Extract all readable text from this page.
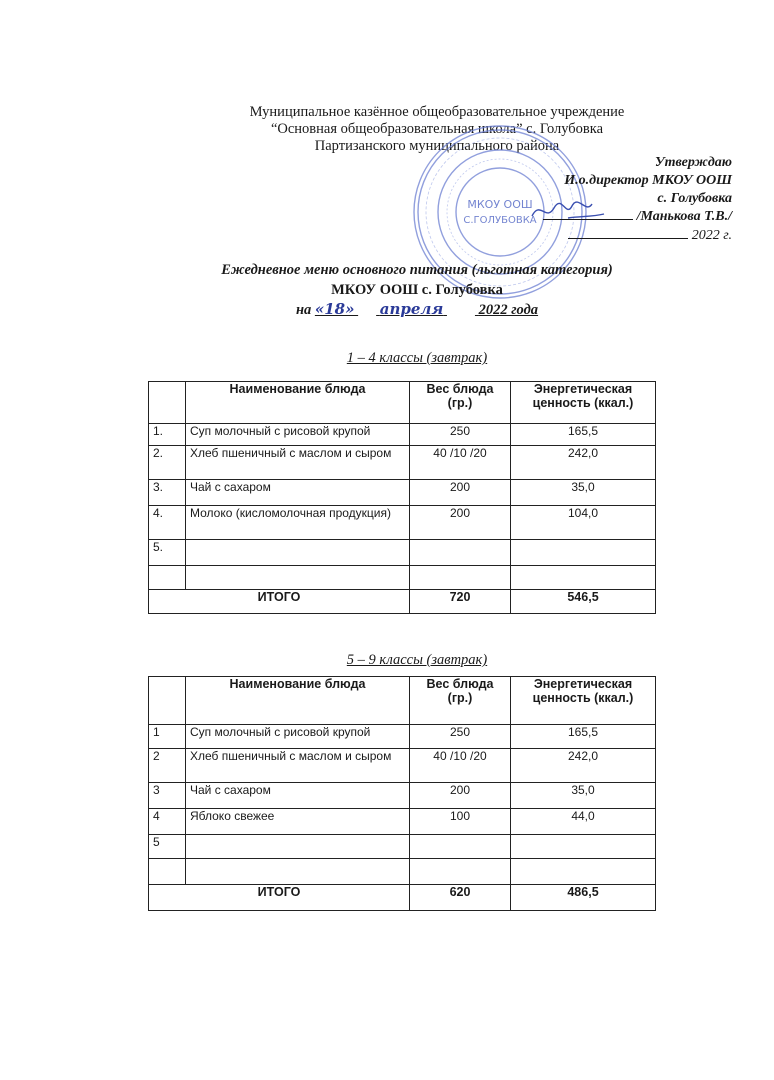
Муниципальное казённое общеобразовательное учреждение
“Основная общеобразовательная школа” с. Голубовка
Партизанского муниципального района
МКОУ ООШ
С.ГОЛУБОВКА
Утверждаю
И.о.директор МКОУ ООШ
с. Голубовка
/Манькова Т.В./
2022 г.
Ежедневное меню основного питания (льготная категория)
МКОУ ООШ с. Голубовка
на «18» апреля 2022 года
1 – 4 классы (завтрак)
	Наименование блюда	Вес блюда (гр.)	Энергетическая ценность (ккал.)
1.	Суп молочный с рисовой крупой	250	165,5
2.	Хлеб пшеничный с маслом и сыром	40 /10 /20	242,0
3.	Чай с сахаром	200	35,0
4.	Молоко (кисломолочная продукция)	200	104,0
5.			

ИТОГО		720	546,5
5 – 9 классы (завтрак)
	Наименование блюда	Вес блюда (гр.)	Энергетическая ценность (ккал.)
1	Суп молочный с рисовой крупой	250	165,5
2	Хлеб пшеничный с маслом и сыром	40 /10 /20	242,0
3	Чай с сахаром	200	35,0
4	Яблоко свежее	100	44,0
5			

ИТОГО		620	486,5
